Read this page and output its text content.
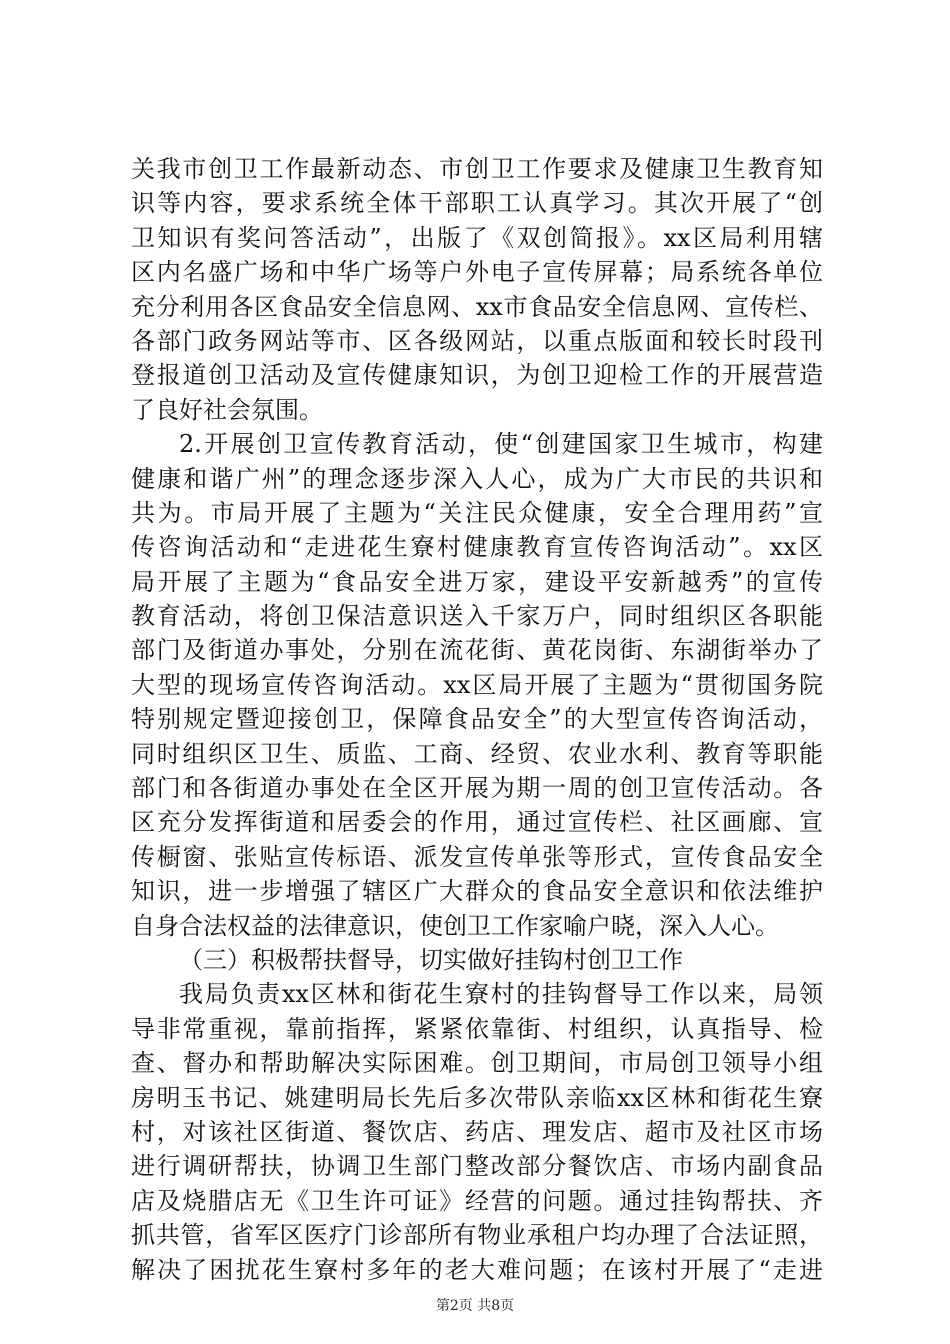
关我市创卫工作最新动态、市创卫工作要求及健康卫生教育知
识等内容，要求系统全体干部职工认真学习。其次开展了“创
卫知识有奖问答活动”，出版了《双创简报》。xx区局利用辖
区内名盛广场和中华广场等户外电子宣传屏幕；局系统各单位
充分利用各区食品安全信息网、xx市食品安全信息网、宣传栏、
各部门政务网站等市、区各级网站，以重点版面和较长时段刊
登报道创卫活动及宣传健康知识，为创卫迎检工作的开展营造
了良好社会氛围。
2.开展创卫宣传教育活动，使“创建国家卫生城市，构建
健康和谐广州”的理念逐步深入人心，成为广大市民的共识和
共为。市局开展了主题为“关注民众健康，安全合理用药”宣
传咨询活动和“走进花生寮村健康教育宣传咨询活动”。xx区
局开展了主题为“食品安全进万家，建设平安新越秀”的宣传
教育活动，将创卫保洁意识送入千家万户，同时组织区各职能
部门及街道办事处，分别在流花街、黄花岗街、东湖街举办了
大型的现场宣传咨询活动。xx区局开展了主题为“贯彻国务院
特别规定暨迎接创卫，保障食品安全”的大型宣传咨询活动，
同时组织区卫生、质监、工商、经贸、农业水利、教育等职能
部门和各街道办事处在全区开展为期一周的创卫宣传活动。各
区充分发挥街道和居委会的作用，通过宣传栏、社区画廊、宣
传橱窗、张贴宣传标语、派发宣传单张等形式，宣传食品安全
知识，进一步增强了辖区广大群众的食品安全意识和依法维护
自身合法权益的法律意识，使创卫工作家喻户晓，深入人心。
（三）积极帮扶督导，切实做好挂钩村创卫工作
我局负责xx区林和街花生寮村的挂钩督导工作以来，局领
导非常重视，靠前指挥，紧紧依靠街、村组织，认真指导、检
查、督办和帮助解决实际困难。创卫期间，市局创卫领导小组
房明玉书记、姚建明局长先后多次带队亲临xx区林和街花生寮
村，对该社区街道、餐饮店、药店、理发店、超市及社区市场
进行调研帮扶，协调卫生部门整改部分餐饮店、市场内副食品
店及烧腊店无《卫生许可证》经营的问题。通过挂钩帮扶、齐
抓共管，省军区医疗门诊部所有物业承租户均办理了合法证照，
解决了困扰花生寮村多年的老大难问题；在该村开展了“走进
第2页 共8页
